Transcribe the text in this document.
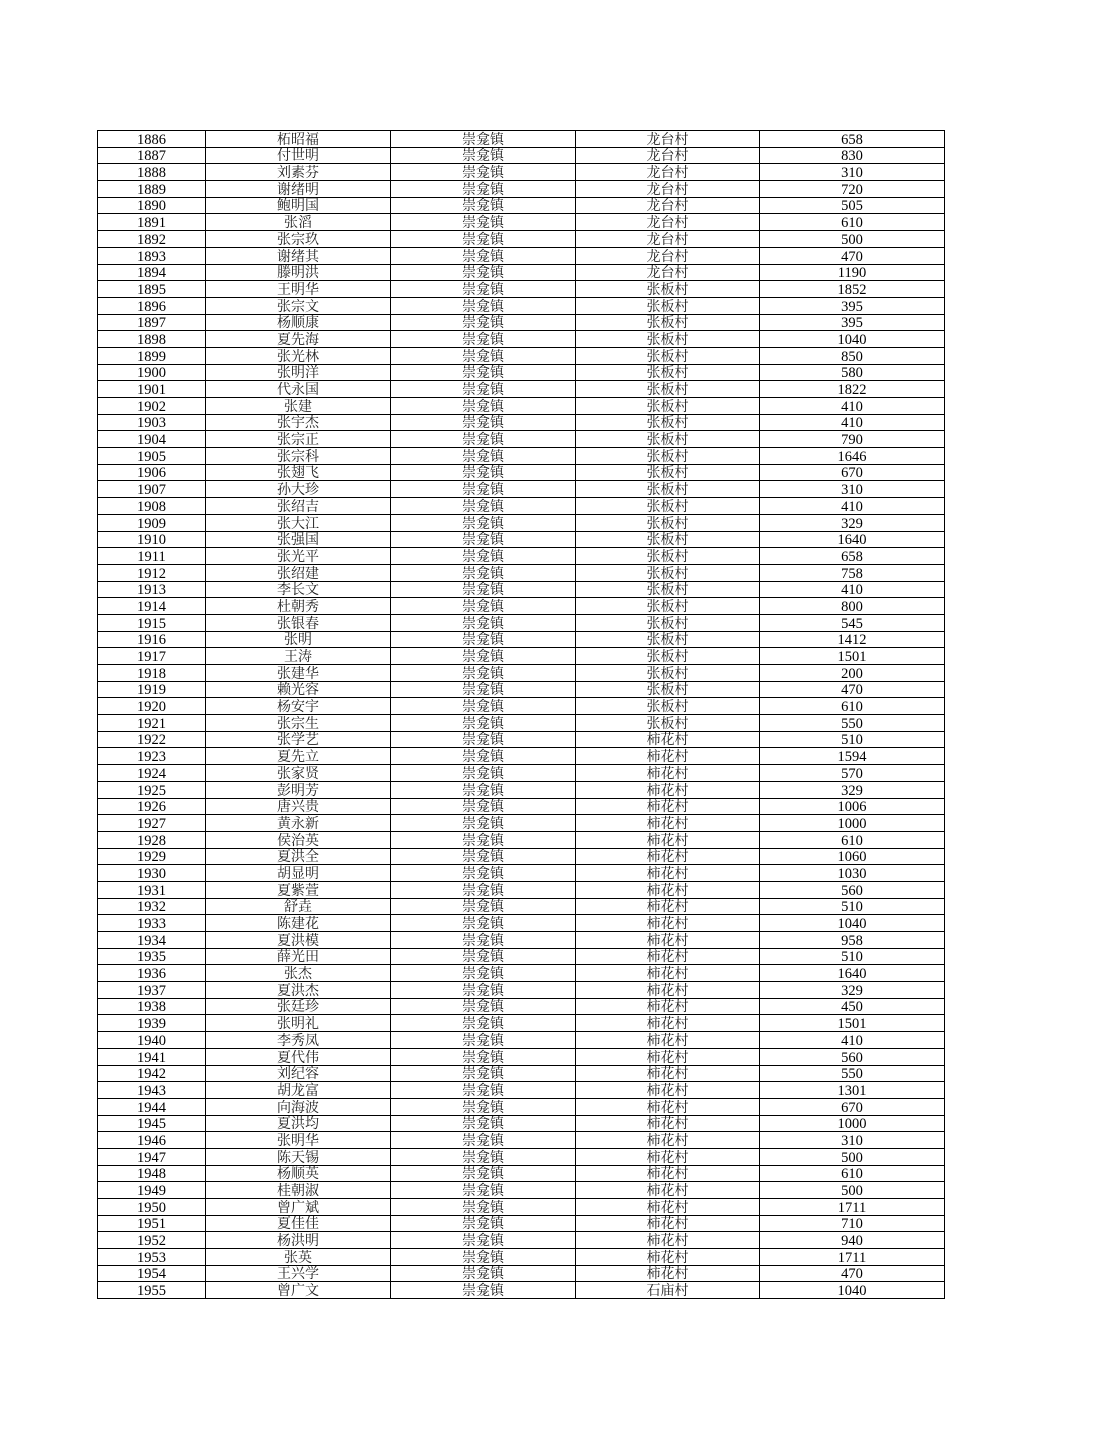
1886	柘昭福	崇龛镇	龙台村	658
1887	付世明	崇龛镇	龙台村	830
1888	刘素芬	崇龛镇	龙台村	310
1889	谢绪明	崇龛镇	龙台村	720
1890	鲍明国	崇龛镇	龙台村	505
1891	张滔	崇龛镇	龙台村	610
1892	张宗玖	崇龛镇	龙台村	500
1893	谢绪其	崇龛镇	龙台村	470
1894	滕明洪	崇龛镇	龙台村	1190
1895	王明华	崇龛镇	张板村	1852
1896	张宗文	崇龛镇	张板村	395
1897	杨顺康	崇龛镇	张板村	395
1898	夏先海	崇龛镇	张板村	1040
1899	张光林	崇龛镇	张板村	850
1900	张明洋	崇龛镇	张板村	580
1901	代永国	崇龛镇	张板村	1822
1902	张建	崇龛镇	张板村	410
1903	张宇杰	崇龛镇	张板村	410
1904	张宗正	崇龛镇	张板村	790
1905	张宗科	崇龛镇	张板村	1646
1906	张翅飞	崇龛镇	张板村	670
1907	孙大珍	崇龛镇	张板村	310
1908	张绍吉	崇龛镇	张板村	410
1909	张大江	崇龛镇	张板村	329
1910	张强国	崇龛镇	张板村	1640
1911	张光平	崇龛镇	张板村	658
1912	张绍建	崇龛镇	张板村	758
1913	李长文	崇龛镇	张板村	410
1914	杜朝秀	崇龛镇	张板村	800
1915	张银春	崇龛镇	张板村	545
1916	张明	崇龛镇	张板村	1412
1917	王涛	崇龛镇	张板村	1501
1918	张建华	崇龛镇	张板村	200
1919	赖光容	崇龛镇	张板村	470
1920	杨安宇	崇龛镇	张板村	610
1921	张宗生	崇龛镇	张板村	550
1922	张学艺	崇龛镇	柿花村	510
1923	夏先立	崇龛镇	柿花村	1594
1924	张家贤	崇龛镇	柿花村	570
1925	彭明芳	崇龛镇	柿花村	329
1926	唐兴贵	崇龛镇	柿花村	1006
1927	黄永新	崇龛镇	柿花村	1000
1928	侯治英	崇龛镇	柿花村	610
1929	夏洪全	崇龛镇	柿花村	1060
1930	胡显明	崇龛镇	柿花村	1030
1931	夏紫萱	崇龛镇	柿花村	560
1932	舒垚	崇龛镇	柿花村	510
1933	陈建花	崇龛镇	柿花村	1040
1934	夏洪模	崇龛镇	柿花村	958
1935	薛光田	崇龛镇	柿花村	510
1936	张杰	崇龛镇	柿花村	1640
1937	夏洪杰	崇龛镇	柿花村	329
1938	张廷珍	崇龛镇	柿花村	450
1939	张明礼	崇龛镇	柿花村	1501
1940	李秀凤	崇龛镇	柿花村	410
1941	夏代伟	崇龛镇	柿花村	560
1942	刘纪容	崇龛镇	柿花村	550
1943	胡龙富	崇龛镇	柿花村	1301
1944	向海波	崇龛镇	柿花村	670
1945	夏洪均	崇龛镇	柿花村	1000
1946	张明华	崇龛镇	柿花村	310
1947	陈天锡	崇龛镇	柿花村	500
1948	杨顺英	崇龛镇	柿花村	610
1949	桂朝淑	崇龛镇	柿花村	500
1950	曾广斌	崇龛镇	柿花村	1711
1951	夏佳佳	崇龛镇	柿花村	710
1952	杨洪明	崇龛镇	柿花村	940
1953	张英	崇龛镇	柿花村	1711
1954	王兴学	崇龛镇	柿花村	470
1955	曾广文	崇龛镇	石庙村	1040
